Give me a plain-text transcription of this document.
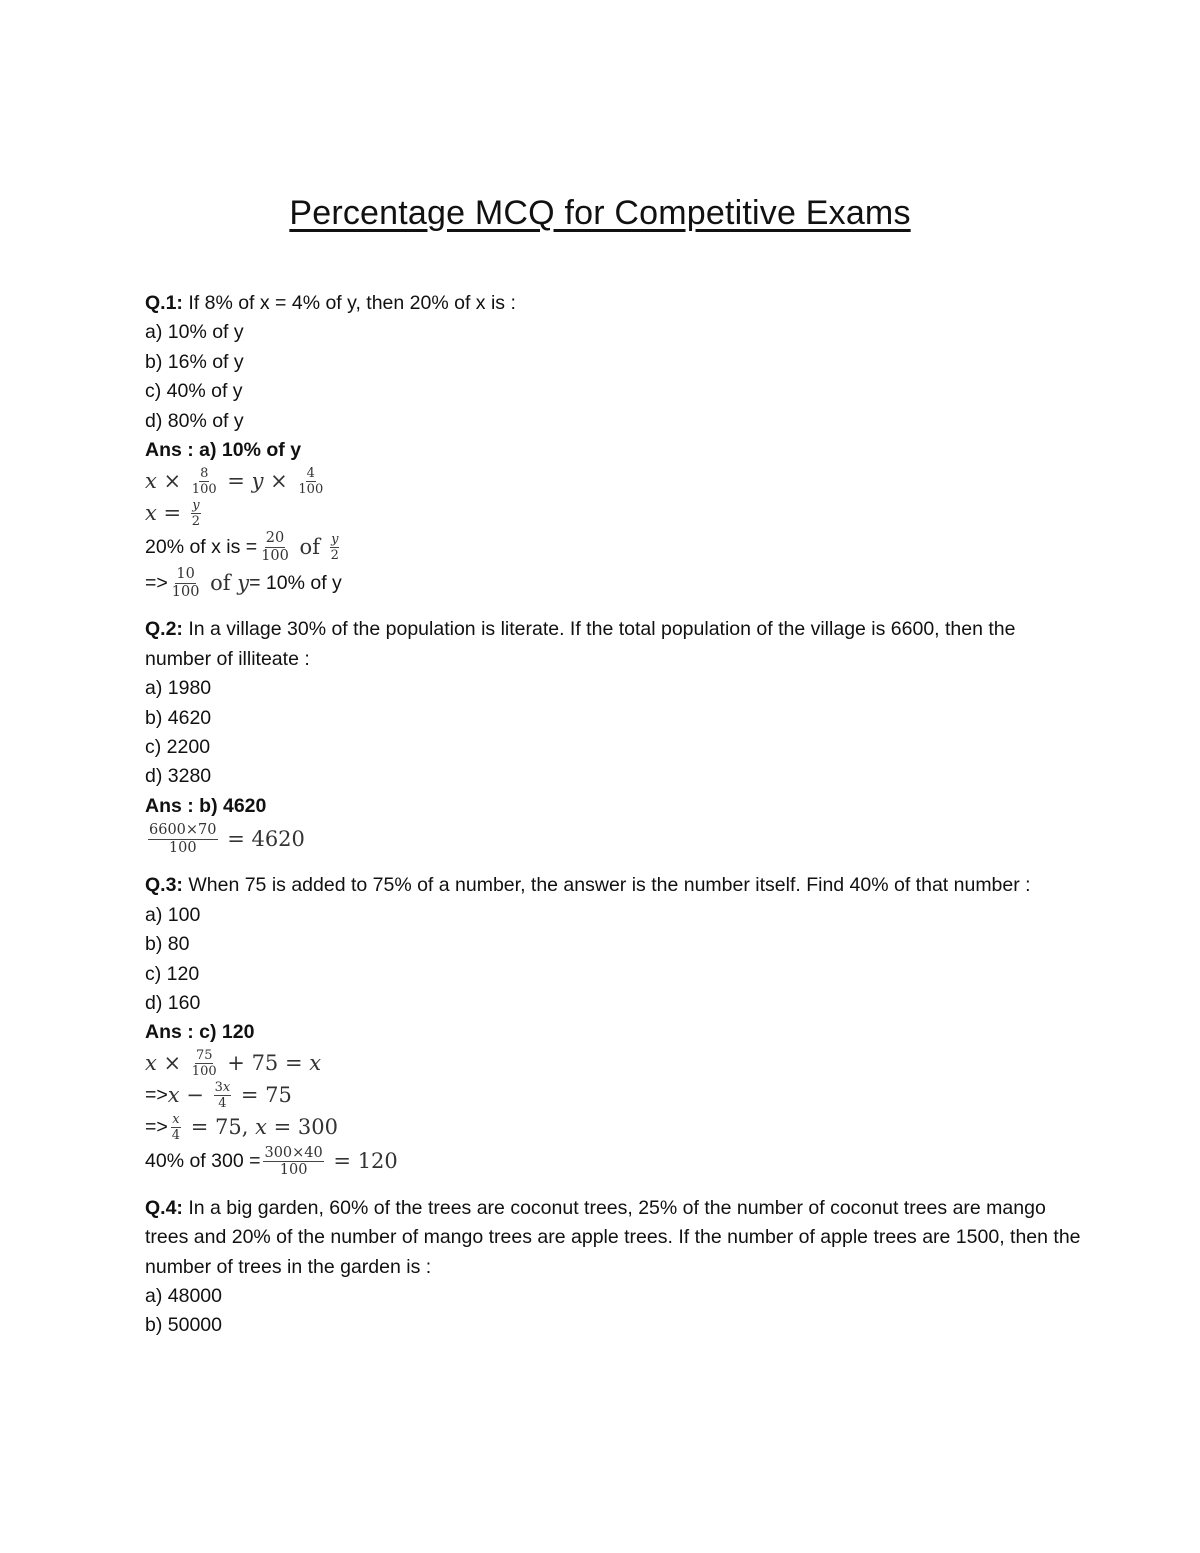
Percentage MCQ for Competitive Exams

Q.1: If 8% of x = 4% of y, then 20% of x is :

a) 10% of y

b) 16% of y

c) 40% of y

d) 80% of y

Ans : a) 10% of y

$x \times \frac{8}{100} = y \times \frac{4}{100}$
$x = \frac{y}{2}$
20% of x is = $\frac{20}{100}$ of $\frac{y}{2}$
=> $\frac{10}{100}$ of y = 10% of y

Q.2: In a village 30% of the population is literate. If the total population of the village is 6600, then the number of illiteate :

a) 1980

b) 4620

c) 2200

d) 3280

Ans : b) 4620

$\frac{6600\times 70}{100} = 4620$

Q.3: When 75 is added to 75% of a number, the answer is the number itself. Find 40% of that number :

a) 100

b) 80

c) 120

d) 160

Ans : c) 120

$x \times \frac{75}{100} + 75 = x$
=> $x - \frac{3x}{4} = 75$
=> $\frac{x}{4} = 75$, x = 300
40% of $300 = \frac{300\times 40}{100} = 120$

Q.4: In a big garden, 60% of the trees are coconut trees, 25% of the number of coconut trees are mango trees and 20% of the number of mango trees are apple trees. If the number of apple trees are 1500, then the number of trees in the garden is :

a) 48000

b) 50000
